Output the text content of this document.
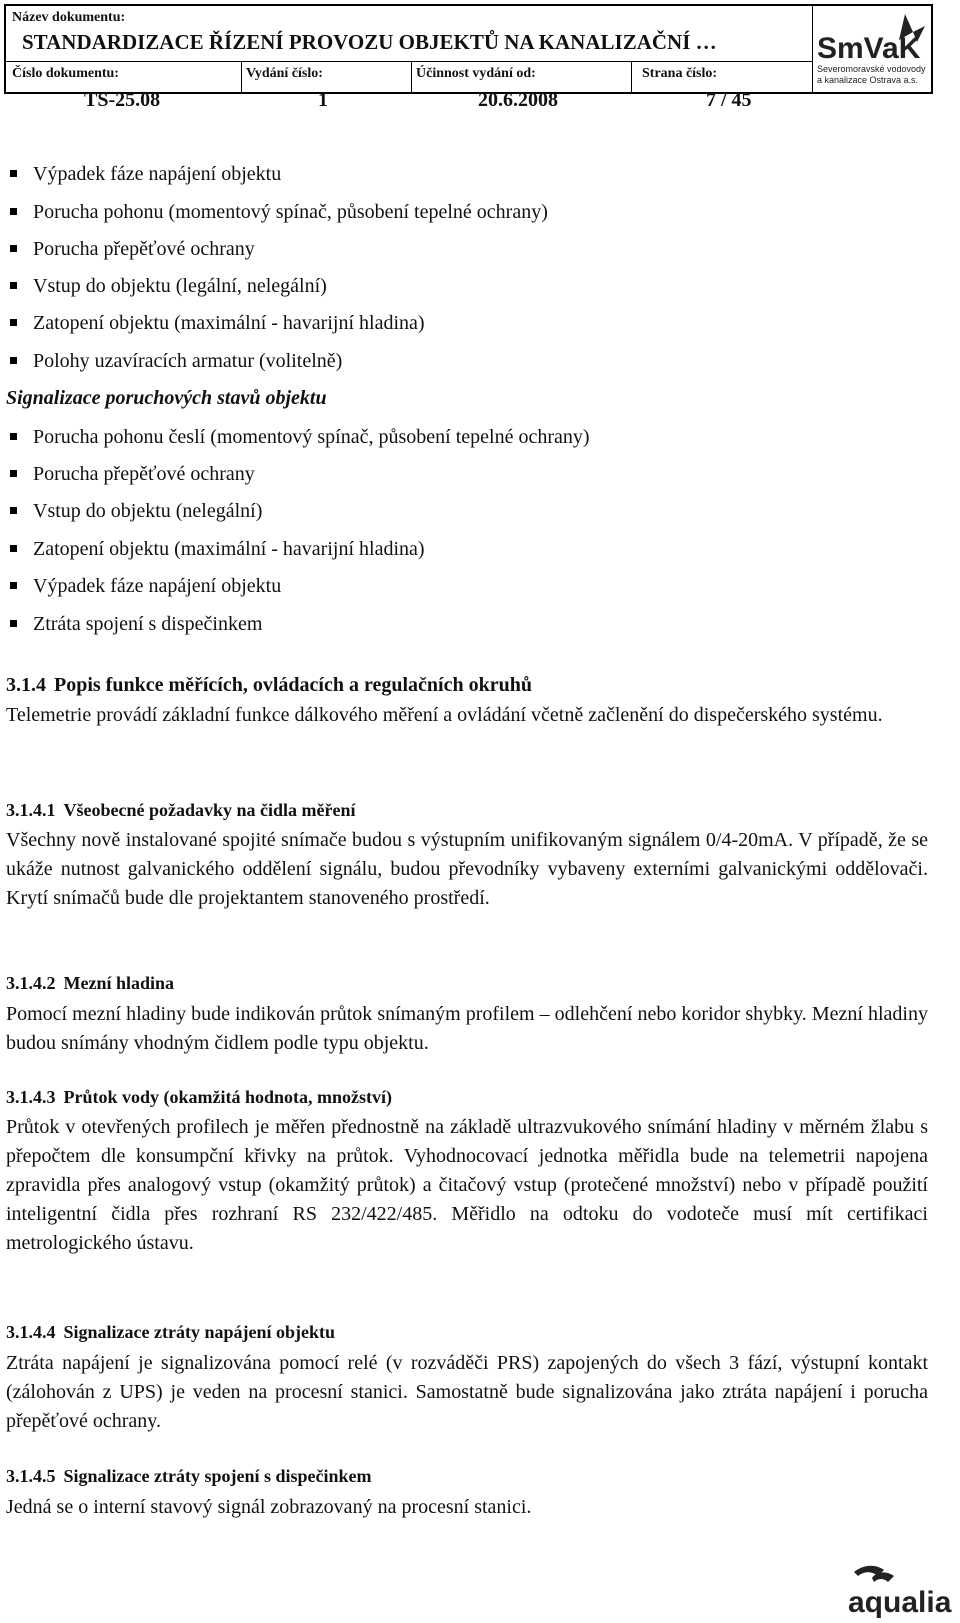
Název dokumentu:
STANDARDIZACE ŘÍZENÍ PROVOZU OBJEKTŮ NA KANALIZAČNÍ …
Číslo dokumentu:	Vydání číslo:	Účinnost vydání od:	Strana číslo:
SmVaK
Severomoravské vodovody
a kanalizace Ostrava a.s.
TS-25.08	1	20.6.2008	7 / 45
Výpadek fáze napájení objektu
Porucha pohonu (momentový spínač, působení tepelné ochrany)
Porucha přepěťové ochrany
Vstup do objektu (legální, nelegální)
Zatopení objektu (maximální - havarijní hladina)
Polohy uzavíracích armatur (volitelně)
Signalizace poruchových stavů objektu
Porucha pohonu česlí (momentový spínač, působení tepelné ochrany)
Porucha přepěťové ochrany
Vstup do objektu (nelegální)
Zatopení objektu (maximální - havarijní hladina)
Výpadek fáze napájení objektu
Ztráta spojení s dispečinkem
3.1.4 Popis funkce měřících, ovládacích a regulačních okruhů
Telemetrie provádí základní funkce dálkového měření a ovládání včetně začlenění do dispečerského systému.
3.1.4.1 Všeobecné požadavky na čidla měření
Všechny nově instalované spojité snímače budou s výstupním unifikovaným signálem 0/4-20mA. V případě, že se ukáže nutnost galvanického oddělení signálu, budou převodníky vybaveny externími galvanickými oddělovači. Krytí snímačů bude dle projektantem stanoveného prostředí.
3.1.4.2 Mezní hladina
Pomocí mezní hladiny bude indikován průtok snímaným profilem – odlehčení nebo koridor shybky. Mezní hladiny budou snímány vhodným čidlem podle typu objektu.
3.1.4.3 Průtok vody (okamžitá hodnota, množství)
Průtok v otevřených profilech je měřen přednostně na základě ultrazvukového snímání hladiny v měrném žlabu s přepočtem dle konsumpční křivky na průtok. Vyhodnocovací jednotka měřidla bude na telemetrii napojena zpravidla přes analogový vstup (okamžitý průtok) a čitačový vstup (protečené množství) nebo v případě použití inteligentní čidla přes rozhraní RS 232/422/485. Měřidlo na odtoku do vodoteče musí mít certifikaci metrologického ústavu.
3.1.4.4 Signalizace ztráty napájení objektu
Ztráta napájení je signalizována pomocí relé (v rozváděči PRS) zapojených do všech 3 fází, výstupní kontakt (zálohován z UPS) je veden na procesní stanici. Samostatně bude signalizována jako ztráta napájení i porucha přepěťové ochrany.
3.1.4.5 Signalizace ztráty spojení s dispečinkem
Jedná se o interní stavový signál zobrazovaný na procesní stanici.
aqualia
